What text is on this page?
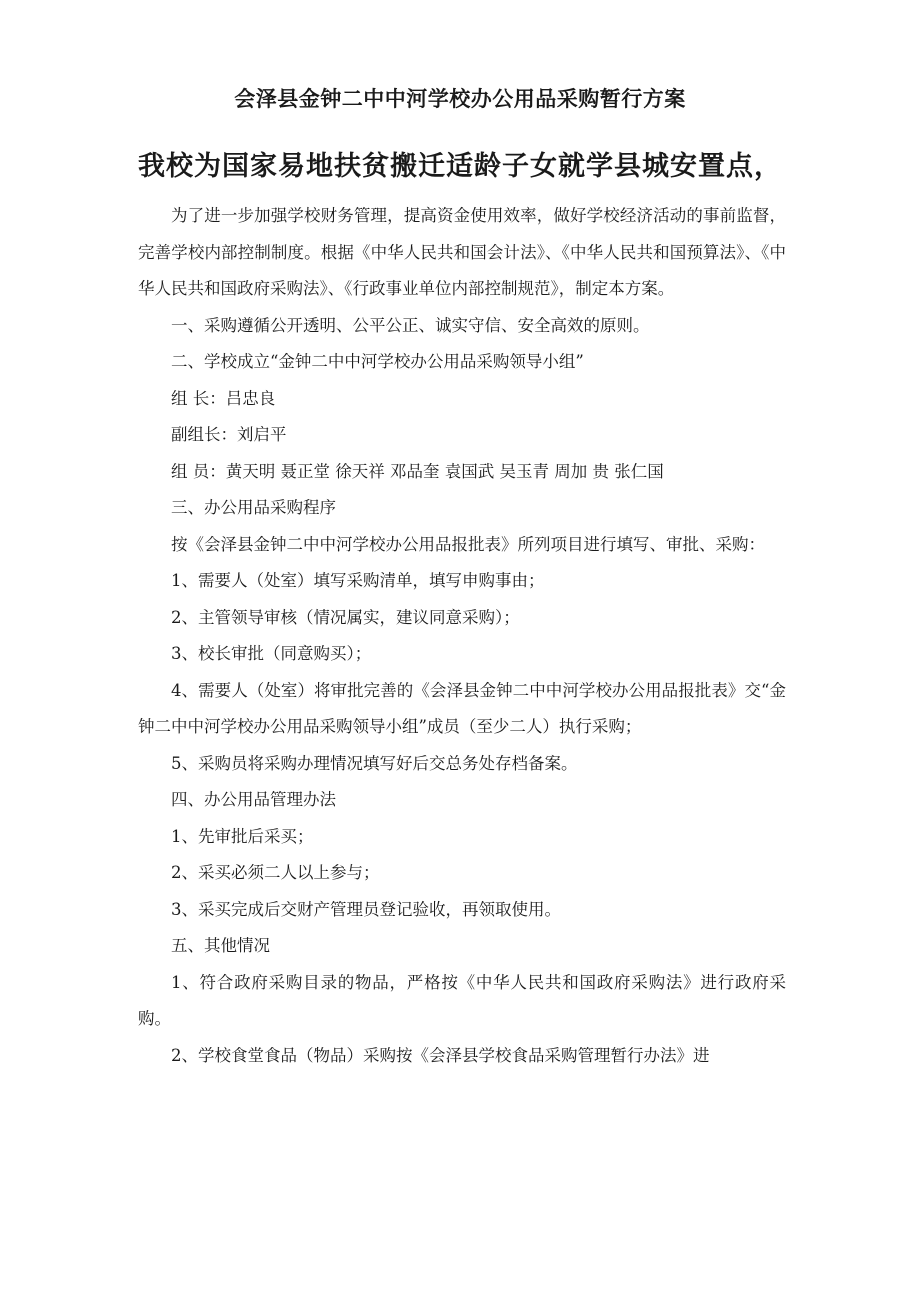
会泽县金钟二中中河学校办公用品采购暂行方案
我校为国家易地扶贫搬迁适龄子女就学县城安置点，

为了进一步加强学校财务管理，提高资金使用效率，做好学校经济活动的事前监督，完善学校内部控制制度。根据《中华人民共和国会计法》、《中华人民共和国预算法》、《中华人民共和国政府采购法》、《行政事业单位内部控制规范》，制定本方案。

一、采购遵循公开透明、公平公正、诚实守信、安全高效的原则。

二、学校成立“金钟二中中河学校办公用品采购领导小组”

组 长：吕忠良

副组长：刘启平

组 员：黄天明 聂正堂 徐天祥 邓品奎 袁国武 吴玉青 周加 贵 张仁国

三、办公用品采购程序

按《会泽县金钟二中中河学校办公用品报批表》所列项目进行填写、审批、采购：

1、需要人（处室）填写采购清单，填写申购事由；

2、主管领导审核（情况属实，建议同意采购）；

3、校长审批（同意购买）；

4、需要人（处室）将审批完善的《会泽县金钟二中中河学校办公用品报批表》交“金钟二中中河学校办公用品采购领导小组”成员（至少二人）执行采购；

5、采购员将采购办理情况填写好后交总务处存档备案。

四、办公用品管理办法

1、先审批后采买；

2、采买必须二人以上参与；

3、采买完成后交财产管理员登记验收，再领取使用。

五、其他情况

1、符合政府采购目录的物品，严格按《中华人民共和国政府采购法》进行政府采购。

2、学校食堂食品（物品）采购按《会泽县学校食品采购管理暂行办法》进
